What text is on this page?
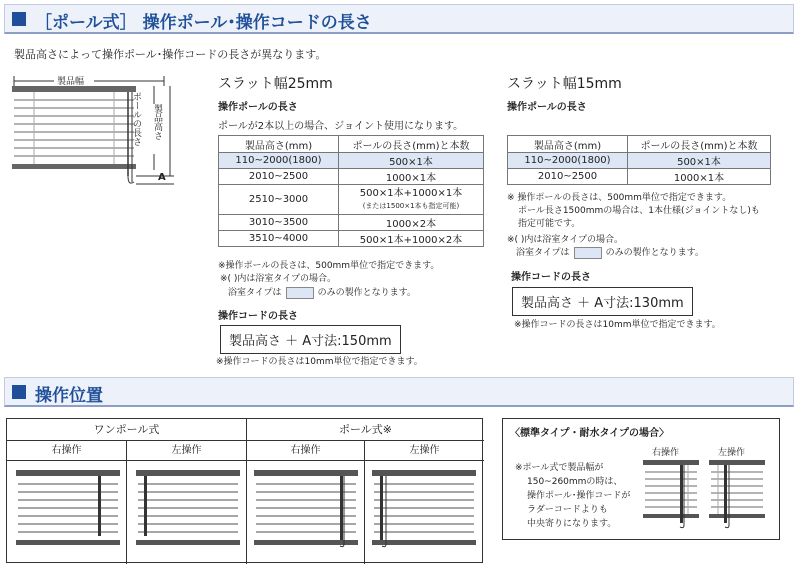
［ポール式］ 操作ポール･操作コードの長さ
製品高さによって操作ポール･操作コードの長さが異なります。
製品幅
ポールの長さ 製品高さ
A
スラット幅25mm
操作ポールの長さ
ポールが2本以上の場合、ジョイント使用になります。
製品高さ(mm)	ポールの長さ(mm)と本数
110~2000(1800)	500×1本
2010~2500	1000×1本
2510~3000	500×1本+1000×1本
(または1500×1本も指定可能)
3010~3500	1000×2本
3510~4000	500×1本+1000×2本
※操作ポールの長さは、500mm単位で指定できます。
※( )内は浴室タイプの場合。
浴室タイプは	のみの製作となります。
操作コードの長さ
製品高さ ＋ A寸法:150mm
※操作コードの長さは10mm単位で指定できます。
スラット幅15mm
操作ポールの長さ
製品高さ(mm)	ポールの長さ(mm)と本数
110~2000(1800)	500×1本
2010~2500	1000×1本
※ 操作ポールの長さは、500mm単位で指定できます。
ポール長さ1500mmの場合は、1本仕様(ジョイントなし)も
指定可能です。
※( )内は浴室タイプの場合。
浴室タイプは	のみの製作となります。
操作コードの長さ
製品高さ ＋ A寸法:130mm
※操作コードの長さは10mm単位で指定できます。
操作位置
ワンポール式	ポール式※
右操作	左操作	右操作	左操作
〈標準タイプ・耐水タイプの場合〉
※ポール式で製品幅が
150~260mmの時は、
操作ポール･操作コードが
ラダーコードよりも
中央寄りになります。
右操作	左操作
